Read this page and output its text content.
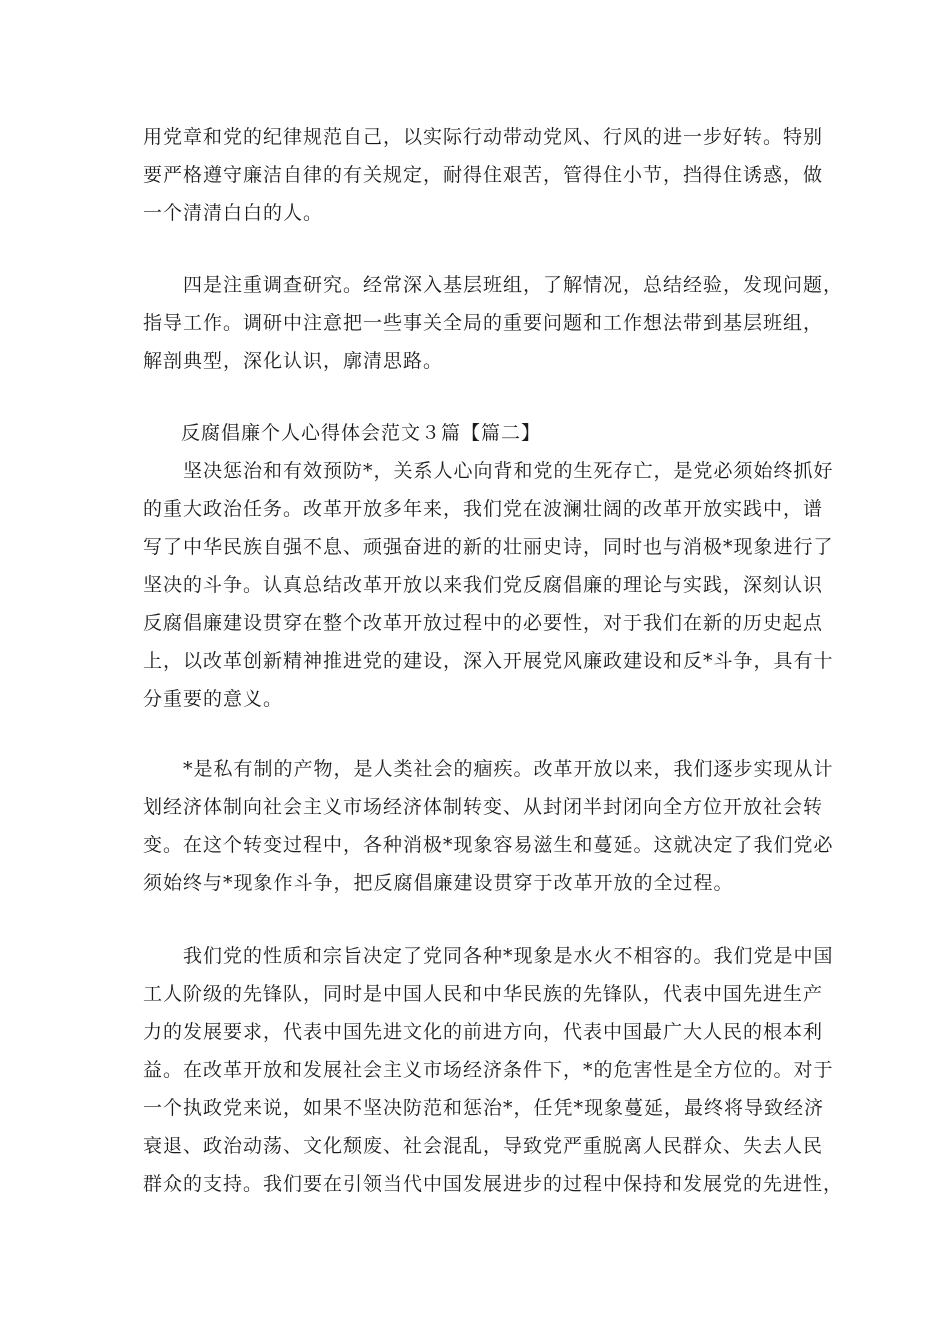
用党章和党的纪律规范自己，以实际行动带动党风、行风的进一步好转。特别
要严格遵守廉洁自律的有关规定，耐得住艰苦，管得住小节，挡得住诱惑，做
一个清清白白的人。
　　四是注重调查研究。经常深入基层班组，了解情况，总结经验，发现问题，
指导工作。调研中注意把一些事关全局的重要问题和工作想法带到基层班组，
解剖典型，深化认识，廓清思路。
反腐倡廉个人心得体会范文３篇【篇二】
　　坚决惩治和有效预防*，关系人心向背和党的生死存亡，是党必须始终抓好
的重大政治任务。改革开放多年来，我们党在波澜壮阔的改革开放实践中，谱
写了中华民族自强不息、顽强奋进的新的壮丽史诗，同时也与消极*现象进行了
坚决的斗争。认真总结改革开放以来我们党反腐倡廉的理论与实践，深刻认识
反腐倡廉建设贯穿在整个改革开放过程中的必要性，对于我们在新的历史起点
上，以改革创新精神推进党的建设，深入开展党风廉政建设和反*斗争，具有十
分重要的意义。
　　*是私有制的产物，是人类社会的痼疾。改革开放以来，我们逐步实现从计
划经济体制向社会主义市场经济体制转变、从封闭半封闭向全方位开放社会转
变。在这个转变过程中，各种消极*现象容易滋生和蔓延。这就决定了我们党必
须始终与*现象作斗争，把反腐倡廉建设贯穿于改革开放的全过程。
　　我们党的性质和宗旨决定了党同各种*现象是水火不相容的。我们党是中国
工人阶级的先锋队，同时是中国人民和中华民族的先锋队，代表中国先进生产
力的发展要求，代表中国先进文化的前进方向，代表中国最广大人民的根本利
益。在改革开放和发展社会主义市场经济条件下，*的危害性是全方位的。对于
一个执政党来说，如果不坚决防范和惩治*，任凭*现象蔓延，最终将导致经济
衰退、政治动荡、文化颓废、社会混乱，导致党严重脱离人民群众、失去人民
群众的支持。我们要在引领当代中国发展进步的过程中保持和发展党的先进性，
